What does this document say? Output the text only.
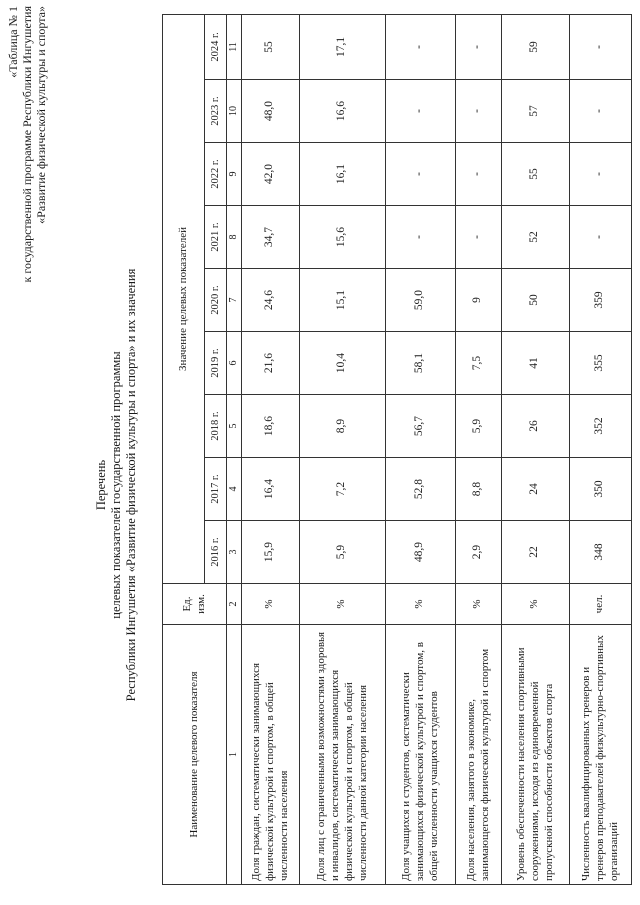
«Таблица № 1 к государственной программе Республики Ингушетия «Развитие физической культуры и спорта»
Перечень целевых показателей государственной программы Республики Ингушетия «Развитие физической культуры и спорта» и их значения
Наименование целевого показателя	Ед. изм.	Значение целевых показателей								
		2016 г.	2017 г.	2018 г.	2019 г.	2020 г.	2021 г.	2022 г.	2023 г.	2024 г.
1	2	3	4	5	6	7	8	9	10	11
Доля граждан, систематически занимающихся физической культурой и спортом, в общей численности населения	%	15,9	16,4	18,6	21,6	24,6	34,7	42,0	48,0	55
Доля лиц с ограниченными возможностями здоровья и инвалидов, систематически занимающихся физической культурой и спортом, в общей численности данной категории населения	%	5,9	7,2	8,9	10,4	15,1	15,6	16,1	16,6	17,1
Доля учащихся и студентов, систематически занимающихся физической культурой и спортом, в общей численности учащихся студентов	%	48,9	52,8	56,7	58,1	59,0	-	-	-	-
Доля населения, занятого в экономике, занимающегося физической культурой и спортом	%	2,9	8,8	5,9	7,5	9	-	-	-	-
Уровень обеспеченности населения спортивными сооружениями, исходя из единовременной пропускной способности объектов спорта	%	22	24	26	41	50	52	55	57	59
Численность квалифицированных тренеров и тренеров преподавателей физкультурно-спортивных организаций	чел.	348	350	352	355	359	-	-	-	-
